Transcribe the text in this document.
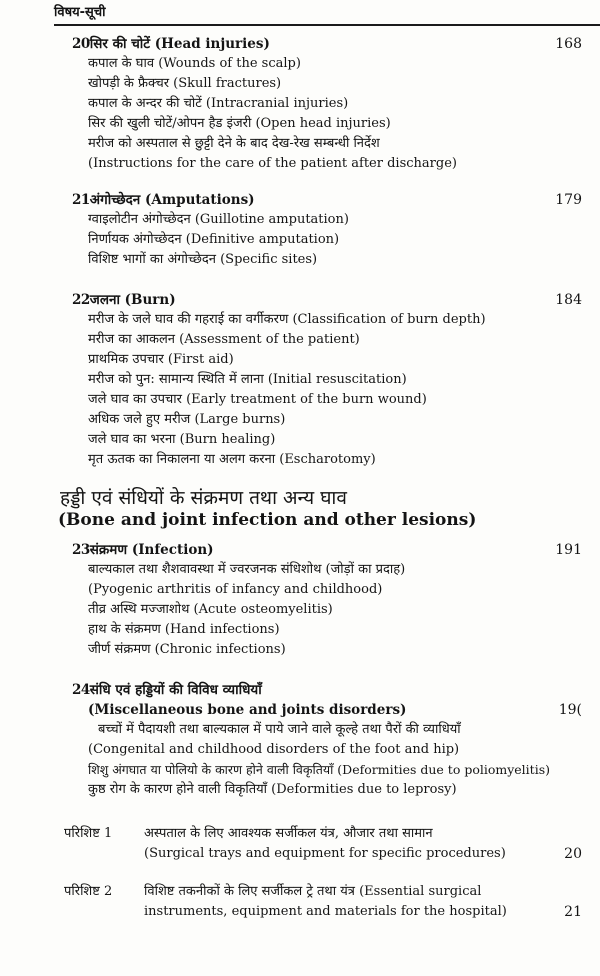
विषय-सूची
20सिर की चोटें (Head injuries)	168
कपाल के घाव (Wounds of the scalp)
खोपड़ी के फ्रैक्चर (Skull fractures)
कपाल के अन्दर की चोटें (Intracranial injuries)
सिर की खुली चोटें/ओपन हैड इंजरी (Open head injuries)
मरीज को अस्पताल से छुट्टी देने के बाद देख-रेख सम्बन्धी निर्देश
(Instructions for the care of the patient after discharge)
21अंगोच्छेदन (Amputations)	179
ग्वाइलोटीन अंगोच्छेदन (Guillotine amputation)
निर्णायक अंगोच्छेदन (Definitive amputation)
विशिष्ट भागों का अंगोच्छेदन (Specific sites)
22जलना (Burn)	184
मरीज के जले घाव की गहराई का वर्गीकरण (Classification of burn depth)
मरीज का आकलन (Assessment of the patient)
प्राथमिक उपचार (First aid)
मरीज को पुन: सामान्य स्थिति में लाना (Initial resuscitation)
जले घाव का उपचार (Early treatment of the burn wound)
अधिक जले हुए मरीज (Large burns)
जले घाव का भरना (Burn healing)
मृत ऊतक का निकालना या अलग करना (Escharotomy)
हड्डी एवं संधियों के संक्रमण तथा अन्य घाव
(Bone and joint infection and other lesions)
23संक्रमण (Infection)	191
बाल्यकाल तथा शैशवावस्था में ज्वरजनक संधिशोथ (जोड़ों का प्रदाह)
(Pyogenic arthritis of infancy and childhood)
तीव्र अस्थि मज्जाशोथ (Acute osteomyelitis)
हाथ के संक्रमण (Hand infections)
जीर्ण संक्रमण (Chronic infections)
24संधि एवं हड्डियों की विविध व्याधियाँ
(Miscellaneous bone and joints disorders)	19(
बच्चों में पैदायशी तथा बाल्यकाल में पाये जाने वाले कूल्हे तथा पैरों की व्याधियाँ
(Congenital and childhood disorders of the foot and hip)
शिशु अंगघात या पोलियो के कारण होने वाली विकृतियाँ (Deformities due to poliomyelitis)
कुष्ठ रोग के कारण होने वाली विकृतियाँ (Deformities due to leprosy)
परिशिष्ट 1 अस्पताल के लिए आवश्यक सर्जीकल यंत्र, औजार तथा सामान
(Surgical trays and equipment for specific procedures)	20
परिशिष्ट 2 विशिष्ट तकनीकों के लिए सर्जीकल ट्रे तथा यंत्र (Essential surgical
instruments, equipment and materials for the hospital)	21
